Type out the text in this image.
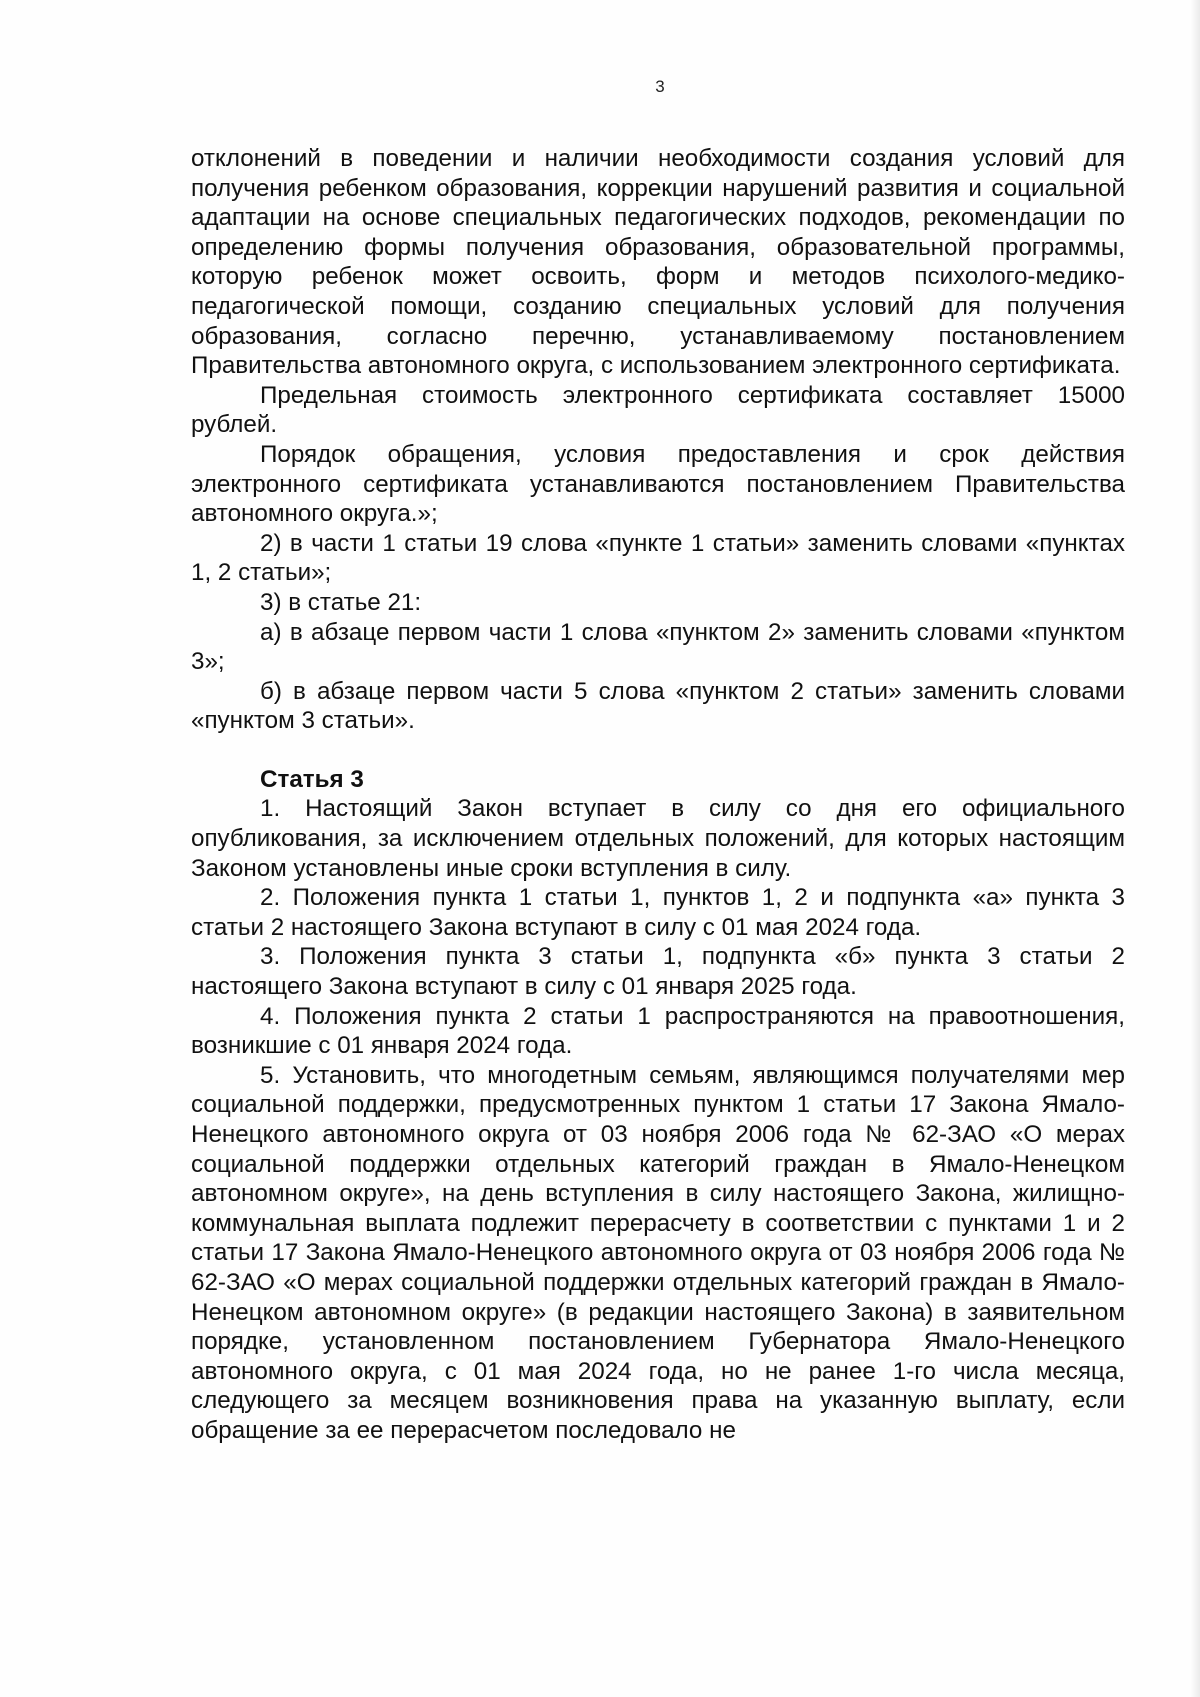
3

отклонений в поведении и наличии необходимости создания условий для получения ребенком образования, коррекции нарушений развития и социальной адаптации на основе специальных педагогических подходов, рекомендации по определению формы получения образования, образовательной программы, которую ребенок может освоить, форм и методов психолого-медико-педагогической помощи, созданию специальных условий для получения образования, согласно перечню, устанавливаемому постановлением Правительства автономного округа, с использованием электронного сертификата.

Предельная стоимость электронного сертификата составляет 15000 рублей.

Порядок обращения, условия предоставления и срок действия электронного сертификата устанавливаются постановлением Правительства автономного округа.»;

2) в части 1 статьи 19 слова «пункте 1 статьи» заменить словами «пунктах 1, 2 статьи»;

3) в статье 21:

а) в абзаце первом части 1 слова «пунктом 2» заменить словами «пунктом 3»;

б) в абзаце первом части 5 слова «пунктом 2 статьи» заменить словами «пунктом 3 статьи».

Статья 3

1. Настоящий Закон вступает в силу со дня его официального опубликования, за исключением отдельных положений, для которых настоящим Законом установлены иные сроки вступления в силу.

2. Положения пункта 1 статьи 1, пунктов 1, 2 и подпункта «а» пункта 3 статьи 2 настоящего Закона вступают в силу с 01 мая 2024 года.

3. Положения пункта 3 статьи 1, подпункта «б» пункта 3 статьи 2 настоящего Закона вступают в силу с 01 января 2025 года.

4. Положения пункта 2 статьи 1 распространяются на правоотношения, возникшие с 01 января 2024 года.

5. Установить, что многодетным семьям, являющимся получателями мер социальной поддержки, предусмотренных пунктом 1 статьи 17 Закона Ямало-Ненецкого автономного округа от 03 ноября 2006 года № 62-ЗАО «О мерах социальной поддержки отдельных категорий граждан в Ямало-Ненецком автономном округе», на день вступления в силу настоящего Закона, жилищно-коммунальная выплата подлежит перерасчету в соответствии с пунктами 1 и 2 статьи 17 Закона Ямало-Ненецкого автономного округа от 03 ноября 2006 года № 62-ЗАО «О мерах социальной поддержки отдельных категорий граждан в Ямало-Ненецком автономном округе» (в редакции настоящего Закона) в заявительном порядке, установленном постановлением Губернатора Ямало-Ненецкого автономного округа, с 01 мая 2024 года, но не ранее 1-го числа месяца, следующего за месяцем возникновения права на указанную выплату, если обращение за ее перерасчетом последовало не
